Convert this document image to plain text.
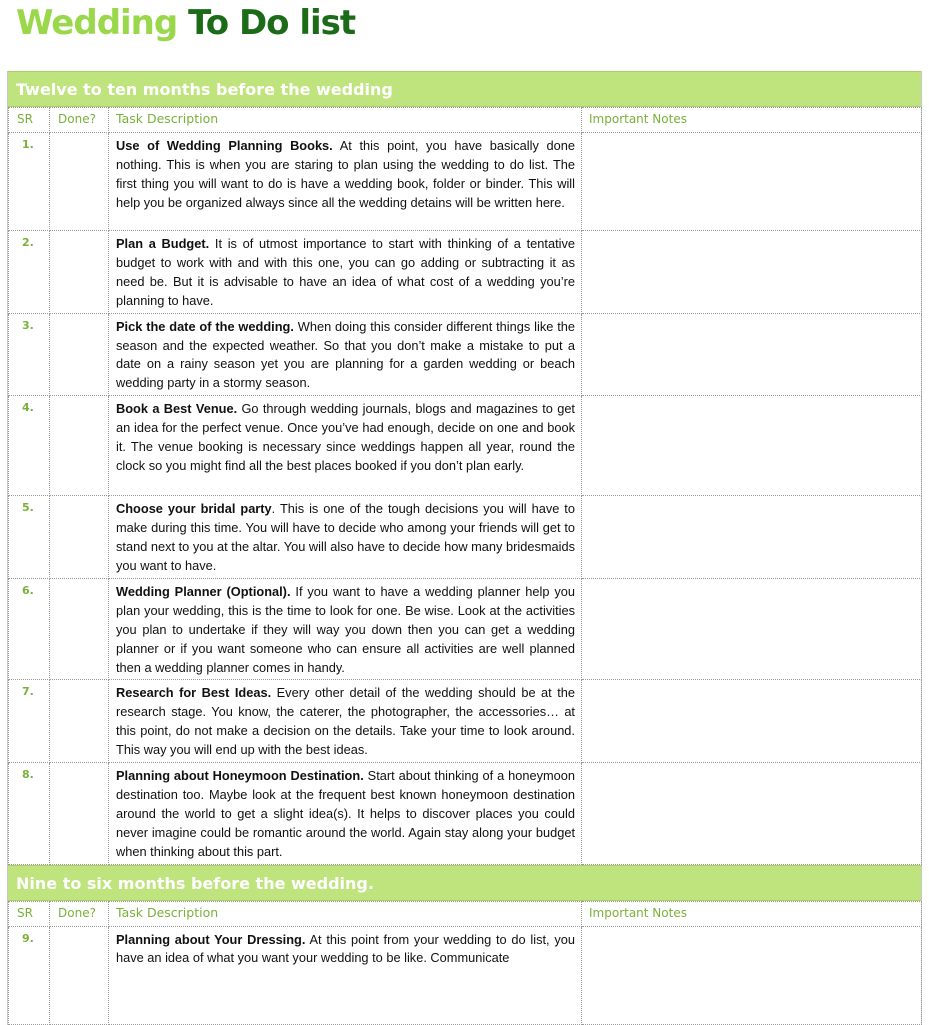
Wedding To Do list
Twelve to ten months before the wedding
SR	Done?	Task Description	Important Notes
1.		Use of Wedding Planning Books. At this point, you have basically done nothing. This is when you are staring to plan using the wedding to do list. The first thing you will want to do is have a wedding book, folder or binder. This will help you be organized always since all the wedding detains will be written here.	
2.		Plan a Budget. It is of utmost importance to start with thinking of a tentative budget to work with and with this one, you can go adding or subtracting it as need be. But it is advisable to have an idea of what cost of a wedding you’re planning to have.	
3.		Pick the date of the wedding. When doing this consider different things like the season and the expected weather. So that you don’t make a mistake to put a date on a rainy season yet you are planning for a garden wedding or beach wedding party in a stormy season.	
4.		Book a Best Venue. Go through wedding journals, blogs and magazines to get an idea for the perfect venue. Once you’ve had enough, decide on one and book it. The venue booking is necessary since weddings happen all year, round the clock so you might find all the best places booked if you don’t plan early.	
5.		Choose your bridal party. This is one of the tough decisions you will have to make during this time. You will have to decide who among your friends will get to stand next to you at the altar. You will also have to decide how many bridesmaids you want to have.	
6.		Wedding Planner (Optional). If you want to have a wedding planner help you plan your wedding, this is the time to look for one. Be wise. Look at the activities you plan to undertake if they will way you down then you can get a wedding planner or if you want someone who can ensure all activities are well planned then a wedding planner comes in handy.	
7.		Research for Best Ideas. Every other detail of the wedding should be at the research stage. You know, the caterer, the photographer, the accessories… at this point, do not make a decision on the details. Take your time to look around. This way you will end up with the best ideas.	
8.		Planning about Honeymoon Destination. Start about thinking of a honeymoon destination too. Maybe look at the frequent best known honeymoon destination around the world to get a slight idea(s). It helps to discover places you could never imagine could be romantic around the world. Again stay along your budget when thinking about this part.	
Nine to six months before the wedding.
SR	Done?	Task Description	Important Notes
9.		Planning about Your Dressing. At this point from your wedding to do list, you have an idea of what you want your wedding to be like. Communicate	
